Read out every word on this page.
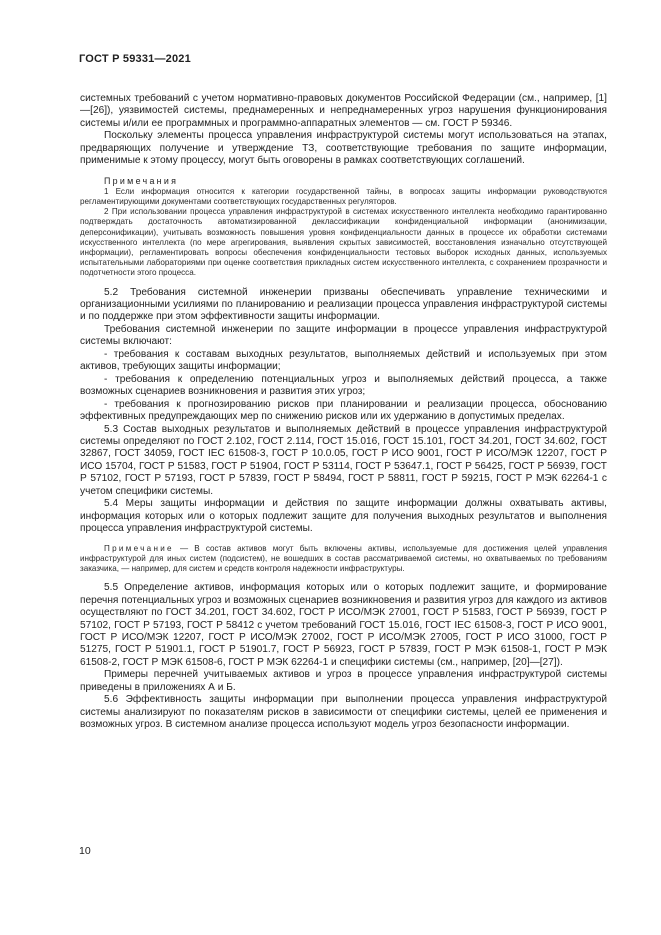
ГОСТ Р 59331—2021

системных требований с учетом нормативно-правовых документов Российской Федерации (см., например, [1]—[26]), уязвимостей системы, преднамеренных и непреднамеренных угроз нарушения функционирования системы и/или ее программных и программно-аппаратных элементов — см. ГОСТ Р 59346.

Поскольку элементы процесса управления инфраструктурой системы могут использоваться на этапах, предваряющих получение и утверждение ТЗ, соответствующие требования по защите информации, применимые к этому процессу, могут быть оговорены в рамках соответствующих соглашений.

Примечания

1 Если информация относится к категории государственной тайны, в вопросах защиты информации руководствуются регламентирующими документами соответствующих государственных регуляторов.

2 При использовании процесса управления инфраструктурой в системах искусственного интеллекта необходимо гарантированно подтверждать достаточность автоматизированной деклассификации конфиденциальной информации (анонимизации, деперсонификации), учитывать возможность повышения уровня конфиденциальности данных в процессе их обработки системами искусственного интеллекта (по мере агрегирования, выявления скрытых зависимостей, восстановления изначально отсутствующей информации), регламентировать вопросы обеспечения конфиденциальности тестовых выборок исходных данных, используемых испытательными лабораториями при оценке соответствия прикладных систем искусственного интеллекта, с сохранением прозрачности и подотчетности этого процесса.

5.2 Требования системной инженерии призваны обеспечивать управление техническими и организационными усилиями по планированию и реализации процесса управления инфраструктурой системы и по поддержке при этом эффективности защиты информации.

Требования системной инженерии по защите информации в процессе управления инфраструктурой системы включают:

- требования к составам выходных результатов, выполняемых действий и используемых при этом активов, требующих защиты информации;

- требования к определению потенциальных угроз и выполняемых действий процесса, а также возможных сценариев возникновения и развития этих угроз;

- требования к прогнозированию рисков при планировании и реализации процесса, обоснованию эффективных предупреждающих мер по снижению рисков или их удержанию в допустимых пределах.

5.3 Состав выходных результатов и выполняемых действий в процессе управления инфраструктурой системы определяют по ГОСТ 2.102, ГОСТ 2.114, ГОСТ 15.016, ГОСТ 15.101, ГОСТ 34.201, ГОСТ 34.602, ГОСТ 32867, ГОСТ 34059, ГОСТ IEC 61508-3, ГОСТ Р 10.0.05, ГОСТ Р ИСО 9001, ГОСТ Р ИСО/МЭК 12207, ГОСТ Р ИСО 15704, ГОСТ Р 51583, ГОСТ Р 51904, ГОСТ Р 53114, ГОСТ Р 53647.1, ГОСТ Р 56425, ГОСТ Р 56939, ГОСТ Р 57102, ГОСТ Р 57193, ГОСТ Р 57839, ГОСТ Р 58494, ГОСТ Р 58811, ГОСТ Р 59215, ГОСТ Р МЭК 62264-1 с учетом специфики системы.

5.4 Меры защиты информации и действия по защите информации должны охватывать активы, информация которых или о которых подлежит защите для получения выходных результатов и выполнения процесса управления инфраструктурой системы.

Примечание — В состав активов могут быть включены активы, используемые для достижения целей управления инфраструктурой для иных систем (подсистем), не вошедших в состав рассматриваемой системы, но охватываемых по требованиям заказчика, — например, для систем и средств контроля надежности инфраструктуры.

5.5 Определение активов, информация которых или о которых подлежит защите, и формирование перечня потенциальных угроз и возможных сценариев возникновения и развития угроз для каждого из активов осуществляют по ГОСТ 34.201, ГОСТ 34.602, ГОСТ Р ИСО/МЭК 27001, ГОСТ Р 51583, ГОСТ Р 56939, ГОСТ Р 57102, ГОСТ Р 57193, ГОСТ Р 58412 с учетом требований ГОСТ 15.016, ГОСТ IEC 61508-3, ГОСТ Р ИСО 9001, ГОСТ Р ИСО/МЭК 12207, ГОСТ Р ИСО/МЭК 27002, ГОСТ Р ИСО/МЭК 27005, ГОСТ Р ИСО 31000, ГОСТ Р 51275, ГОСТ Р 51901.1, ГОСТ Р 51901.7, ГОСТ Р 56923, ГОСТ Р 57839, ГОСТ Р МЭК 61508-1, ГОСТ Р МЭК 61508-2, ГОСТ Р МЭК 61508-6, ГОСТ Р МЭК 62264-1 и специфики системы (см., например, [20]—[27]).

Примеры перечней учитываемых активов и угроз в процессе управления инфраструктурой системы приведены в приложениях А и Б.

5.6 Эффективность защиты информации при выполнении процесса управления инфраструктурой системы анализируют по показателям рисков в зависимости от специфики системы, целей ее применения и возможных угроз. В системном анализе процесса используют модель угроз безопасности информации.

10
